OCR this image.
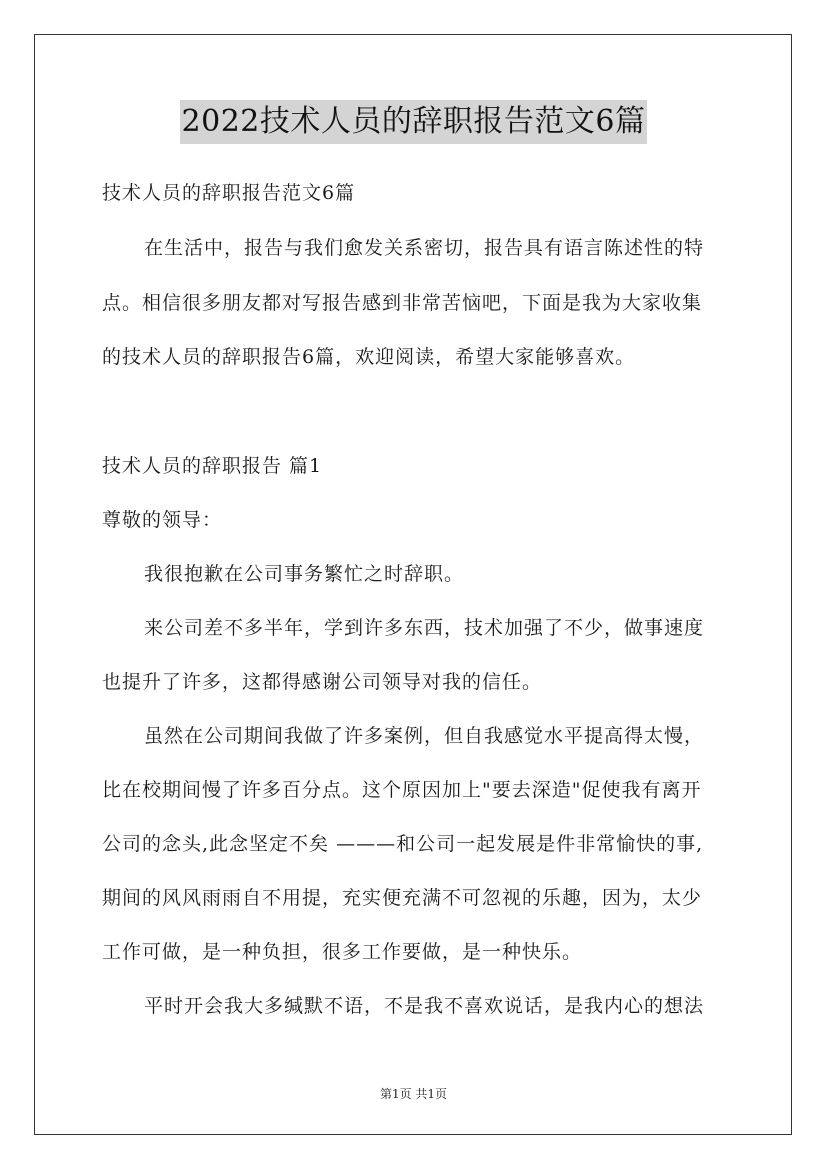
2022技术人员的辞职报告范文6篇
技术人员的辞职报告范文6篇
在生活中，报告与我们愈发关系密切，报告具有语言陈述性的特
点。相信很多朋友都对写报告感到非常苦恼吧，下面是我为大家收集
的技术人员的辞职报告6篇，欢迎阅读，希望大家能够喜欢。
技术人员的辞职报告 篇1
尊敬的领导：
我很抱歉在公司事务繁忙之时辞职。
来公司差不多半年，学到许多东西，技术加强了不少，做事速度
也提升了许多，这都得感谢公司领导对我的信任。
虽然在公司期间我做了许多案例，但自我感觉水平提高得太慢，
比在校期间慢了许多百分点。这个原因加上"要去深造"促使我有离开
公司的念头,此念坚定不矣 ———和公司一起发展是件非常愉快的事,
期间的风风雨雨自不用提，充实便充满不可忽视的乐趣，因为，太少
工作可做，是一种负担，很多工作要做，是一种快乐。
平时开会我大多缄默不语，不是我不喜欢说话，是我内心的想法
第1页 共1页
